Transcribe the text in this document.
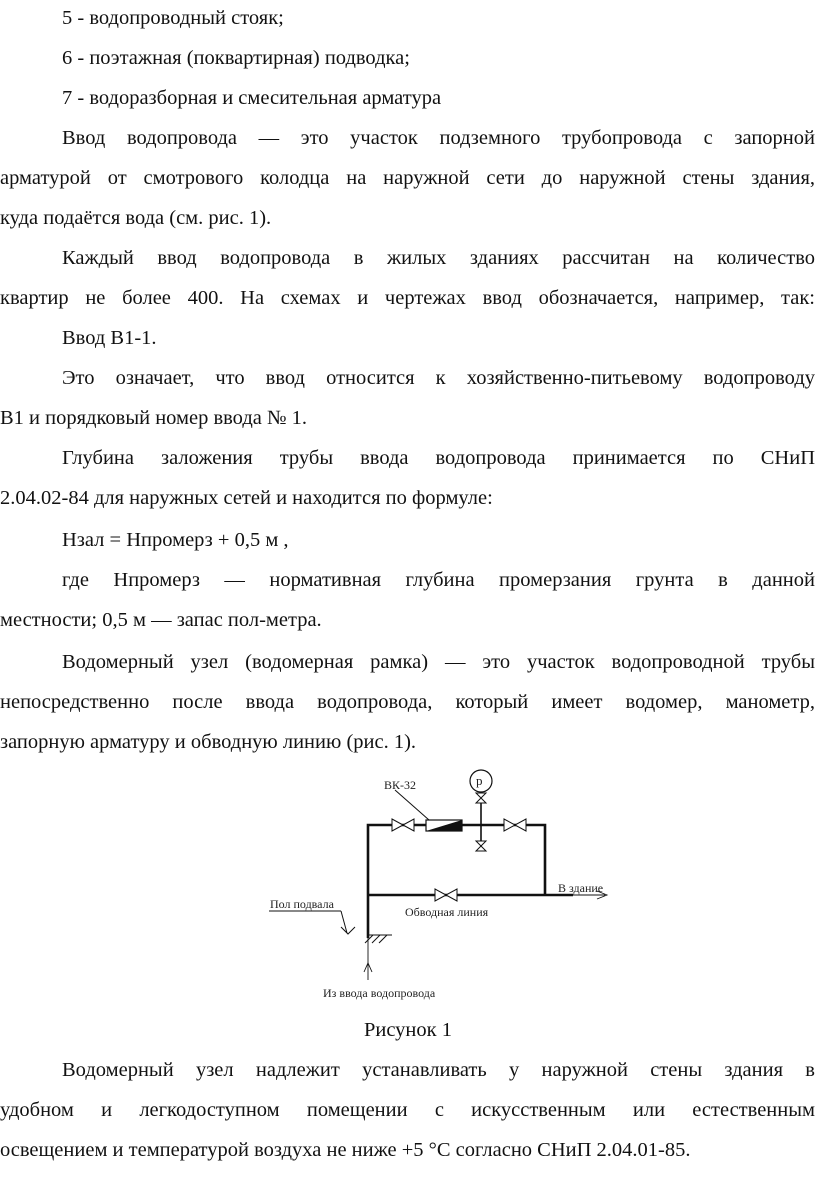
5 - водопроводный стояк;
6 - поэтажная (поквартирная) подводка;
7 - водоразборная и смесительная арматура
Ввод водопровода — это участок подземного трубопровода с запорной
арматурой от смотрового колодца на наружной сети до наружной стены здания,
куда подаётся вода (см. рис. 1).
Каждый ввод водопровода в жилых зданиях рассчитан на количество
квартир не более 400. На схемах и чертежах ввод обозначается, например, так:
Ввод В1-1.
Это означает, что ввод относится к хозяйственно-питьевому водопроводу
В1 и порядковый номер ввода № 1.
Глубина заложения трубы ввода водопровода принимается по СНиП
2.04.02-84 для наружных сетей и находится по формуле:
Нзал = Нпромерз + 0,5 м ,
где Нпромерз — нормативная глубина промерзания грунта в данной
местности; 0,5 м — запас пол-метра.
Водомерный узел (водомерная рамка) — это участок водопроводной трубы
непосредственно после ввода водопровода, который имеет водомер, манометр,
запорную арматуру и обводную линию (рис. 1).
ВК-32	p
Обводная линия
В здание
Пол подвала
Из ввода водопровода
Рисунок 1
Водомерный узел надлежит устанавливать у наружной стены здания в
удобном и легкодоступном помещении с искусственным или естественным
освещением и температурой воздуха не ниже +5 °С согласно СНиП 2.04.01-85.
